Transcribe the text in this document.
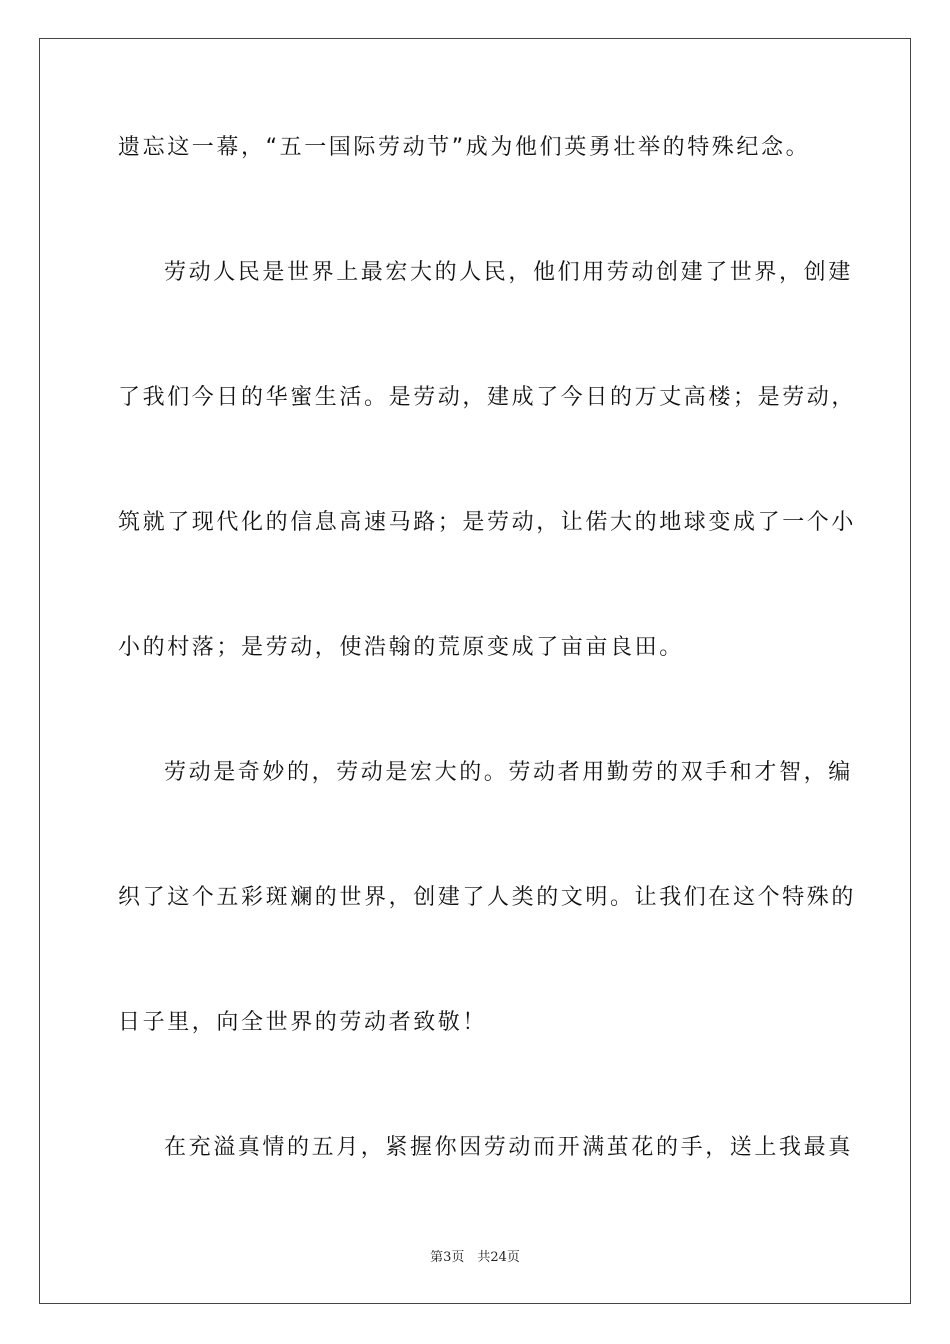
遗忘这一幕，“五一国际劳动节”成为他们英勇壮举的特殊纪念。
劳动人民是世界上最宏大的人民，他们用劳动创建了世界，创建
了我们今日的华蜜生活。是劳动，建成了今日的万丈高楼；是劳动，
筑就了现代化的信息高速马路；是劳动，让偌大的地球变成了一个小
小的村落；是劳动，使浩翰的荒原变成了亩亩良田。
劳动是奇妙的，劳动是宏大的。劳动者用勤劳的双手和才智，编
织了这个五彩斑斓的世界，创建了人类的文明。让我们在这个特殊的
日子里，向全世界的劳动者致敬！
在充溢真情的五月，紧握你因劳动而开满茧花的手，送上我最真
第3页　共24页
